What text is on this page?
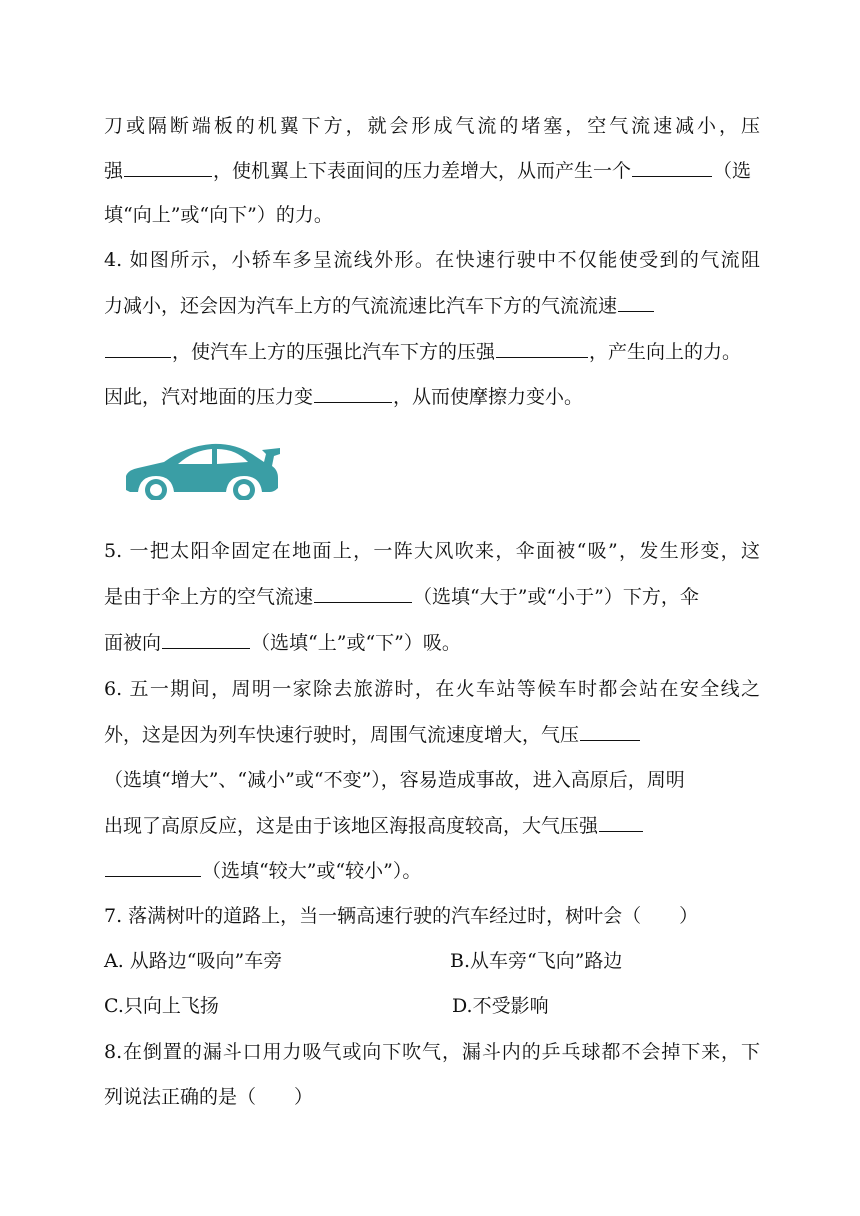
刀或隔断端板的机翼下方，就会形成气流的堵塞，空气流速减小，压
强	，使机翼上下表面间的压力差增大，从而产生一个	（选
填“向上”或“向下”）的力。
4. 如图所示，小轿车多呈流线外形。在快速行驶中不仅能使受到的气流阻
力减小，还会因为汽车上方的气流流速比汽车下方的气流流速
，使汽车上方的压强比汽车下方的压强	，产生向上的力。
因此，汽对地面的压力变	，从而使摩擦力变小。
5. 一把太阳伞固定在地面上，一阵大风吹来，伞面被“吸”，发生形变，这
是由于伞上方的空气流速	（选填“大于”或“小于”）下方，伞
面被向	（选填“上”或“下”）吸。
6. 五一期间，周明一家除去旅游时，在火车站等候车时都会站在安全线之
外，这是因为列车快速行驶时，周围气流速度增大，气压
（选填“增大”、“减小”或“不变”），容易造成事故，进入高原后，周明
出现了高原反应，这是由于该地区海报高度较高，大气压强
（选填“较大”或“较小”）。
7. 落满树叶的道路上，当一辆高速行驶的汽车经过时，树叶会（　　）
A. 从路边“吸向”车旁	B.从车旁“飞向”路边
C.只向上飞扬	D.不受影响
8.在倒置的漏斗口用力吸气或向下吹气，漏斗内的乒乓球都不会掉下来，下
列说法正确的是（　　）
